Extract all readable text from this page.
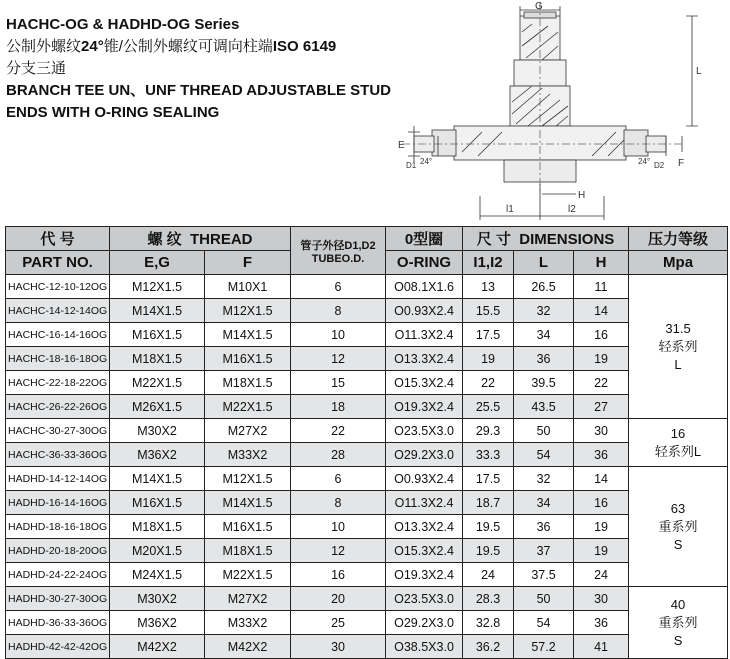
HACHC-OG & HADHD-OG Series
公制外螺纹24°锥/公制外螺纹可调向柱端ISO 6149
分支三通
BRANCH TEE UN、UNF THREAD ADJUSTABLE STUD
ENDS WITH O-RING SEALING
G
L
E
D1 24°	D2
24°	F
H
l1	l2
代 号	螺 纹 THREAD		管子外径D1,D2
TUBEO.D.	0型圈	尺 寸 DIMENSIONS			压力等级
PART NO.	E,G	F		O-RING	I1,I2	L	H	Mpa
HACHC-12-10-12OG	M12X1.5	M10X1	6	O08.1X1.6	13	26.5	11	31.5
轻系列
L

HACHC-14-12-14OG	M14X1.5	M12X1.5	8	O0.93X2.4	15.5	32	14	
HACHC-16-14-16OG	M16X1.5	M14X1.5	10	O11.3X2.4	17.5	34	16	
HACHC-18-16-18OG	M18X1.5	M16X1.5	12	O13.3X2.4	19	36	19	
HACHC-22-18-22OG	M22X1.5	M18X1.5	15	O15.3X2.4	22	39.5	22	
HACHC-26-22-26OG	M26X1.5	M22X1.5	18	O19.3X2.4	25.5	43.5	27	
HACHC-30-27-30OG	M30X2	M27X2	22	O23.5X3.0	29.3	50	30	16
轻系列L

HACHC-36-33-36OG	M36X2	M33X2	28	O29.2X3.0	33.3	54	36	
HADHD-14-12-14OG	M14X1.5	M12X1.5	6	O0.93X2.4	17.5	32	14	63
重系列
S

HADHD-16-14-16OG	M16X1.5	M14X1.5	8	O11.3X2.4	18.7	34	16	
HADHD-18-16-18OG	M18X1.5	M16X1.5	10	O13.3X2.4	19.5	36	19	
HADHD-20-18-20OG	M20X1.5	M18X1.5	12	O15.3X2.4	19.5	37	19	
HADHD-24-22-24OG	M24X1.5	M22X1.5	16	O19.3X2.4	24	37.5	24	
HADHD-30-27-30OG	M30X2	M27X2	20	O23.5X3.0	28.3	50	30	40
重系列
S

HADHD-36-33-36OG	M36X2	M33X2	25	O29.2X3.0	32.8	54	36	
HADHD-42-42-42OG	M42X2	M42X2	30	O38.5X3.0	36.2	57.2	41	
